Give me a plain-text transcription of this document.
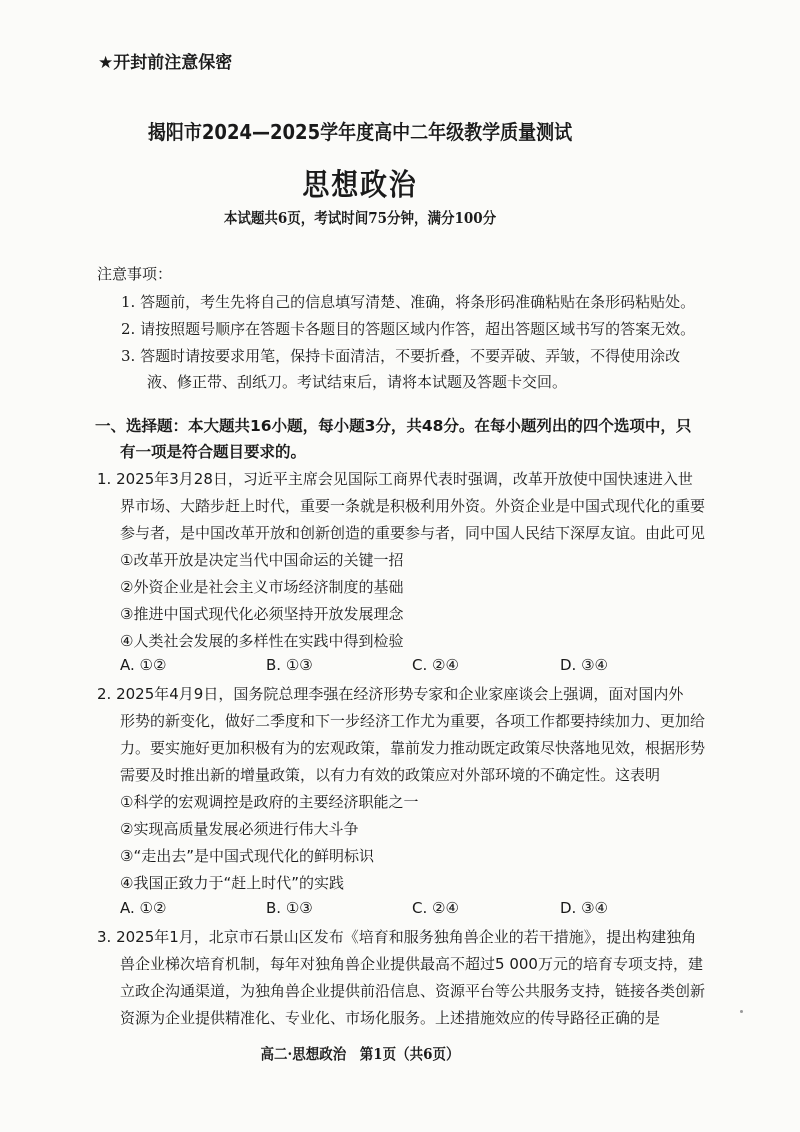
★开封前注意保密
揭阳市2024—2025学年度高中二年级教学质量测试
思想政治
本试题共6页，考试时间75分钟，满分100分
注意事项：
1. 答题前，考生先将自己的信息填写清楚、准确，将条形码准确粘贴在条形码粘贴处。
2. 请按照题号顺序在答题卡各题目的答题区域内作答，超出答题区域书写的答案无效。
3. 答题时请按要求用笔，保持卡面清洁，不要折叠，不要弄破、弄皱，不得使用涂改
液、修正带、刮纸刀。考试结束后，请将本试题及答题卡交回。
一、选择题：本大题共16小题，每小题3分，共48分。在每小题列出的四个选项中，只
有一项是符合题目要求的。
1. 2025年3月28日，习近平主席会见国际工商界代表时强调，改革开放使中国快速进入世
界市场、大踏步赶上时代，重要一条就是积极利用外资。外资企业是中国式现代化的重要
参与者，是中国改革开放和创新创造的重要参与者，同中国人民结下深厚友谊。由此可见
①改革开放是决定当代中国命运的关键一招
②外资企业是社会主义市场经济制度的基础
③推进中国式现代化必须坚持开放发展理念
④人类社会发展的多样性在实践中得到检验
A. ①②	B. ①③	C. ②④	D. ③④
2. 2025年4月9日，国务院总理李强在经济形势专家和企业家座谈会上强调，面对国内外
形势的新变化，做好二季度和下一步经济工作尤为重要，各项工作都要持续加力、更加给
力。要实施好更加积极有为的宏观政策，靠前发力推动既定政策尽快落地见效，根据形势
需要及时推出新的增量政策，以有力有效的政策应对外部环境的不确定性。这表明
①科学的宏观调控是政府的主要经济职能之一
②实现高质量发展必须进行伟大斗争
③“走出去”是中国式现代化的鲜明标识
④我国正致力于“赶上时代”的实践
A. ①②	B. ①③	C. ②④	D. ③④
3. 2025年1月，北京市石景山区发布《培育和服务独角兽企业的若干措施》，提出构建独角
兽企业梯次培育机制，每年对独角兽企业提供最高不超过5 000万元的培育专项支持，建
立政企沟通渠道，为独角兽企业提供前沿信息、资源平台等公共服务支持，链接各类创新
资源为企业提供精准化、专业化、市场化服务。上述措施效应的传导路径正确的是
高二·思想政治　第1页（共6页）
